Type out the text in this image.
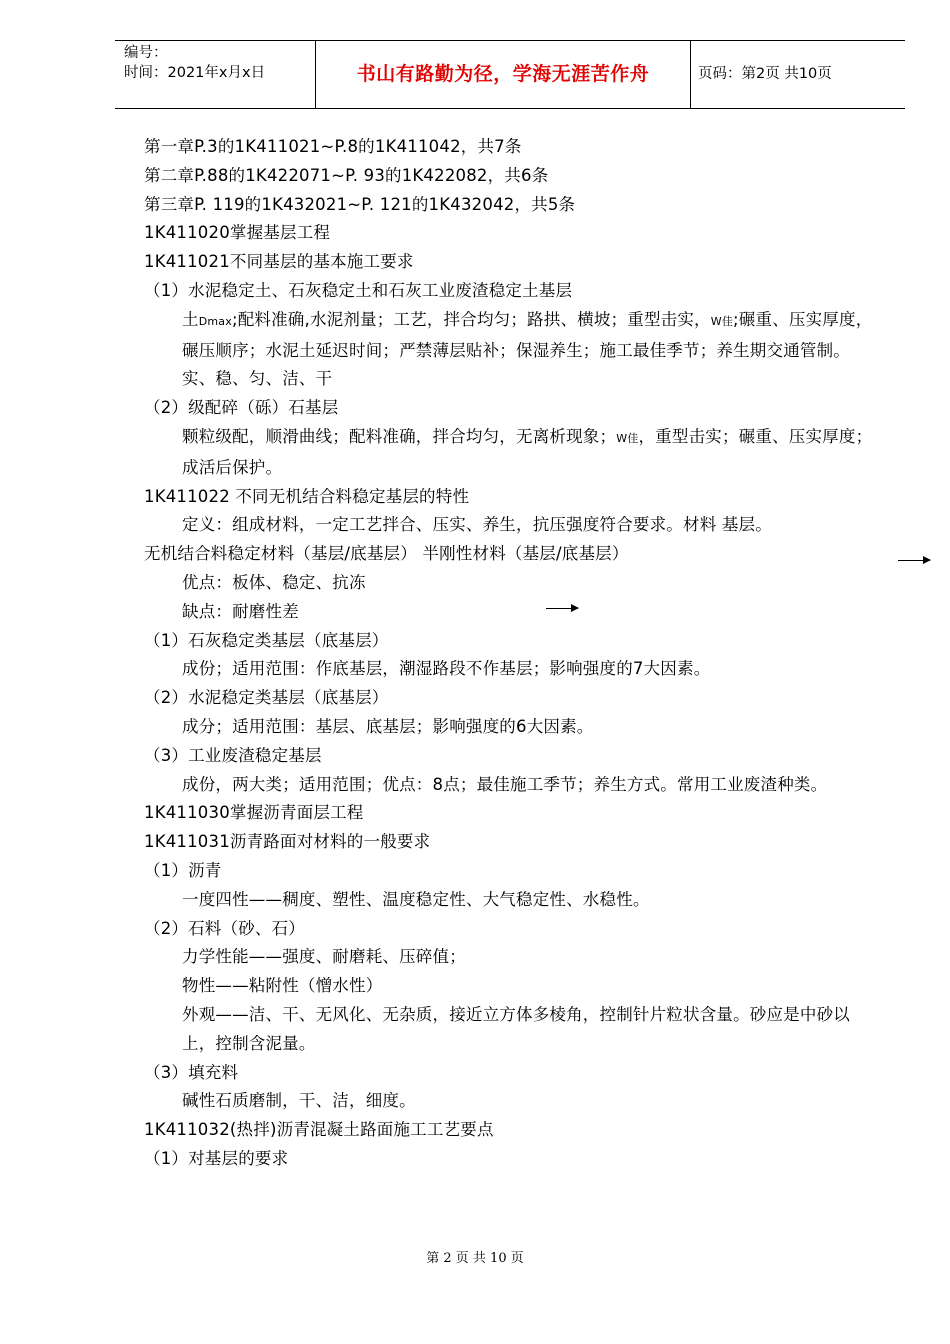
编号：
时间：2021年x月x日	书山有路勤为径，学海无涯苦作舟	页码：第2页 共10页

第一章P.3的1K411021~P.8的1K411042，共7条

第二章P.88的1K422071~P. 93的1K422082，共6条

第三章P. 119的1K432021~P. 121的1K432042，共5条

1K411020掌握基层工程

1K411021不同基层的基本施工要求

（1）水泥稳定土、石灰稳定土和石灰工业废渣稳定土基层

土Dmax;配料准确,水泥剂量；工艺，拌合均匀；路拱、横坡；重型击实，W佳;碾重、压实厚度，碾压顺序；水泥土延迟时间；严禁薄层贴补；保湿养生；施工最佳季节；养生期交通管制。

实、稳、匀、洁、干

（2）级配碎（砾）石基层

颗粒级配，顺滑曲线；配料准确，拌合均匀，无离析现象；W佳，重型击实；碾重、压实厚度；成活后保护。

1K411022 不同无机结合料稳定基层的特性

定义：组成材料，一定工艺拌合、压实、养生，抗压强度符合要求。材料 基层。

无机结合料稳定材料（基层/底基层） 半刚性材料（基层/底基层）

优点：板体、稳定、抗冻

缺点：耐磨性差

（1）石灰稳定类基层（底基层）

成份；适用范围：作底基层，潮湿路段不作基层；影响强度的7大因素。

（2）水泥稳定类基层（底基层）

成分；适用范围：基层、底基层；影响强度的6大因素。

（3）工业废渣稳定基层

成份，两大类；适用范围；优点：8点；最佳施工季节；养生方式。常用工业废渣种类。

1K411030掌握沥青面层工程

1K411031沥青路面对材料的一般要求

（1）沥青

一度四性——稠度、塑性、温度稳定性、大气稳定性、水稳性。

（2）石料（砂、石）

力学性能——强度、耐磨耗、压碎值；

物性——粘附性（憎水性）

外观——洁、干、无风化、无杂质，接近立方体多棱角，控制针片粒状含量。砂应是中砂以上，控制含泥量。

（3）填充料

碱性石质磨制，干、洁，细度。

1K411032(热拌)沥青混凝土路面施工工艺要点

（1）对基层的要求

第 2 页 共 10 页
